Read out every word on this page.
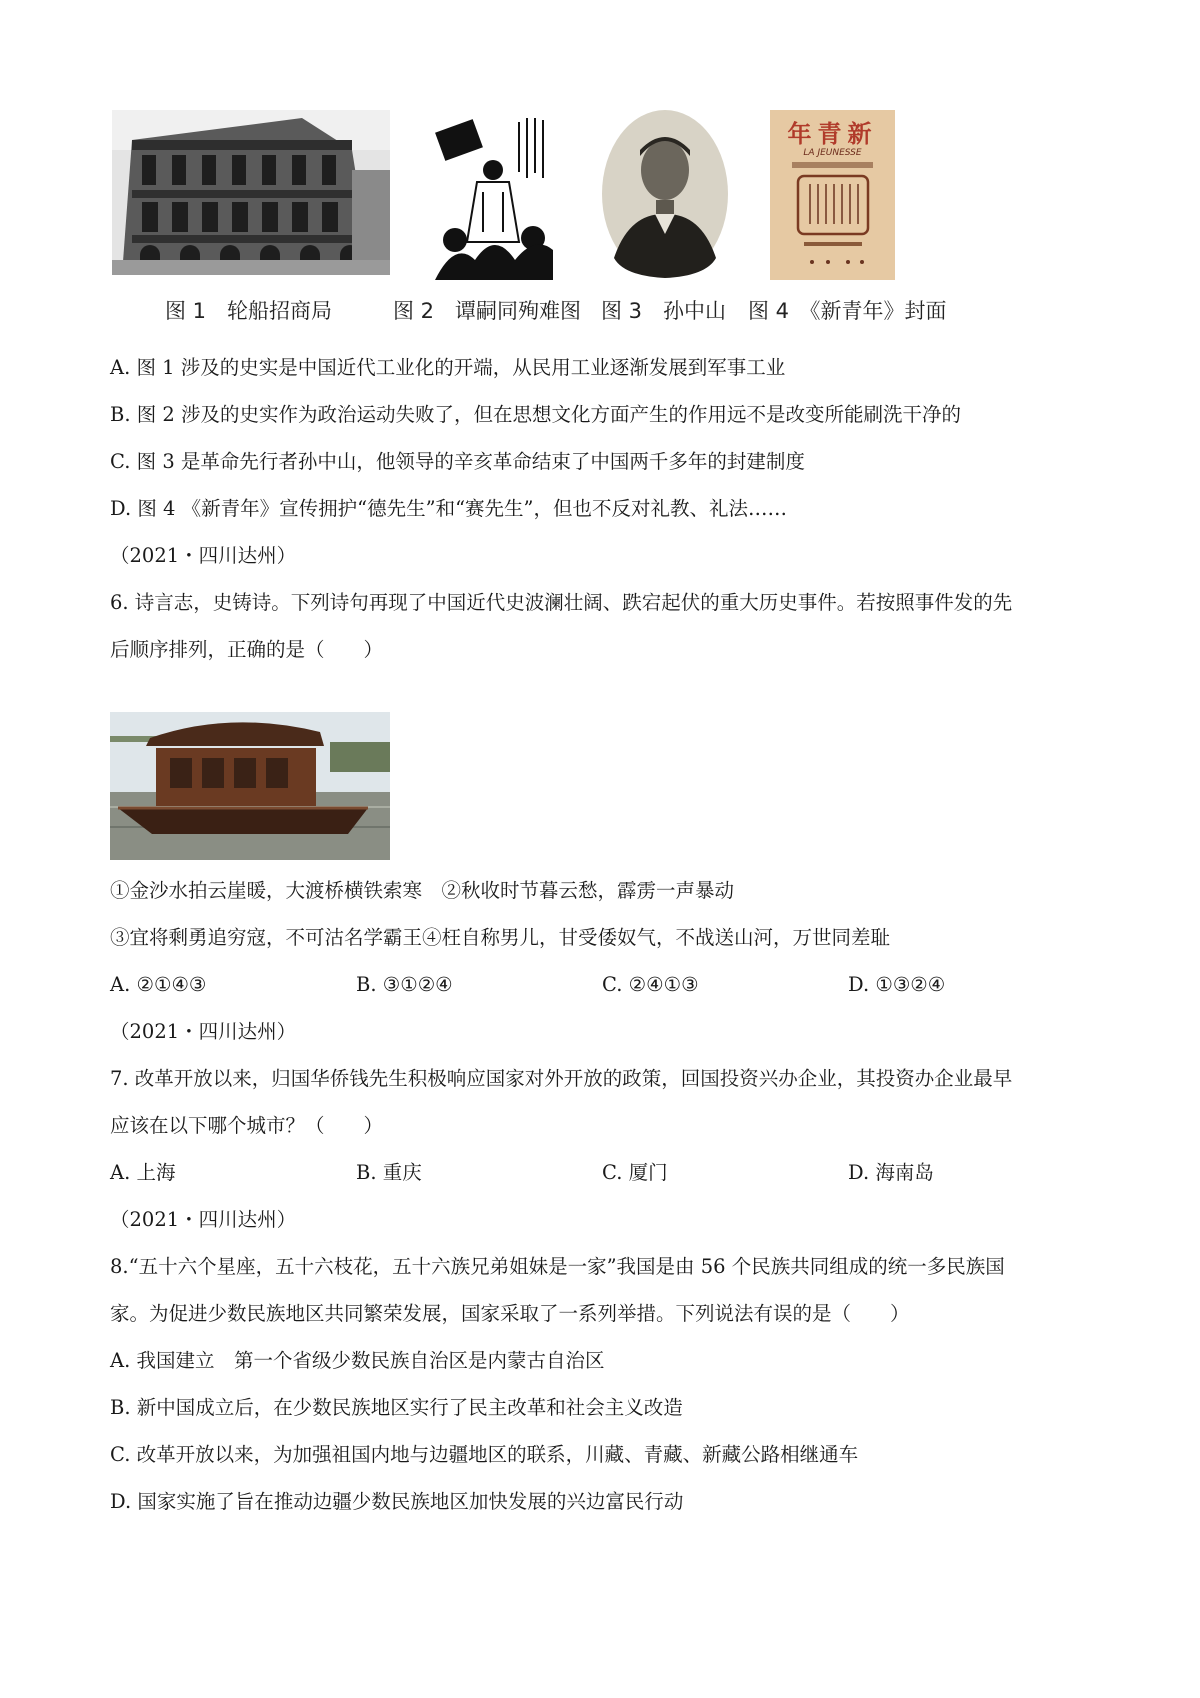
新青年
LA JEUNESSE
图 1　轮船招商局	图 2　谭嗣同殉难图 图 3　孙中山 图 4　《新青年》封面
A. 图 1 涉及的史实是中国近代工业化的开端，从民用工业逐渐发展到军事工业
B. 图 2 涉及的史实作为政治运动失败了，但在思想文化方面产生的作用远不是改变所能刷洗干净的
C. 图 3 是革命先行者孙中山，他领导的辛亥革命结束了中国两千多年的封建制度
D. 图 4 《新青年》宣传拥护“德先生”和“赛先生”，但也不反对礼教、礼法……
（2021・四川达州）
6. 诗言志，史铸诗。下列诗句再现了中国近代史波澜壮阔、跌宕起伏的重大历史事件。若按照事件发的先
后顺序排列，正确的是（　　）
①金沙水拍云崖暖，大渡桥横铁索寒　②秋收时节暮云愁，霹雳一声暴动
③宜将剩勇追穷寇，不可沽名学霸王④枉自称男儿，甘受倭奴气，不战送山河，万世同差耻
A. ②①④③	B. ③①②④	C. ②④①③	D. ①③②④
（2021・四川达州）
7. 改革开放以来，归国华侨钱先生积极响应国家对外开放的政策，回国投资兴办企业，其投资办企业最早
应该在以下哪个城市？（　　）
A. 上海	B. 重庆	C. 厦门	D. 海南岛
（2021・四川达州）
8.“五十六个星座，五十六枝花，五十六族兄弟姐妹是一家”我国是由 56 个民族共同组成的统一多民族国
家。为促进少数民族地区共同繁荣发展，国家采取了一系列举措。下列说法有误的是（　　）
A. 我国建立　第一个省级少数民族自治区是内蒙古自治区
B. 新中国成立后，在少数民族地区实行了民主改革和社会主义改造
C. 改革开放以来，为加强祖国内地与边疆地区的联系，川藏、青藏、新藏公路相继通车
D. 国家实施了旨在推动边疆少数民族地区加快发展的兴边富民行动
